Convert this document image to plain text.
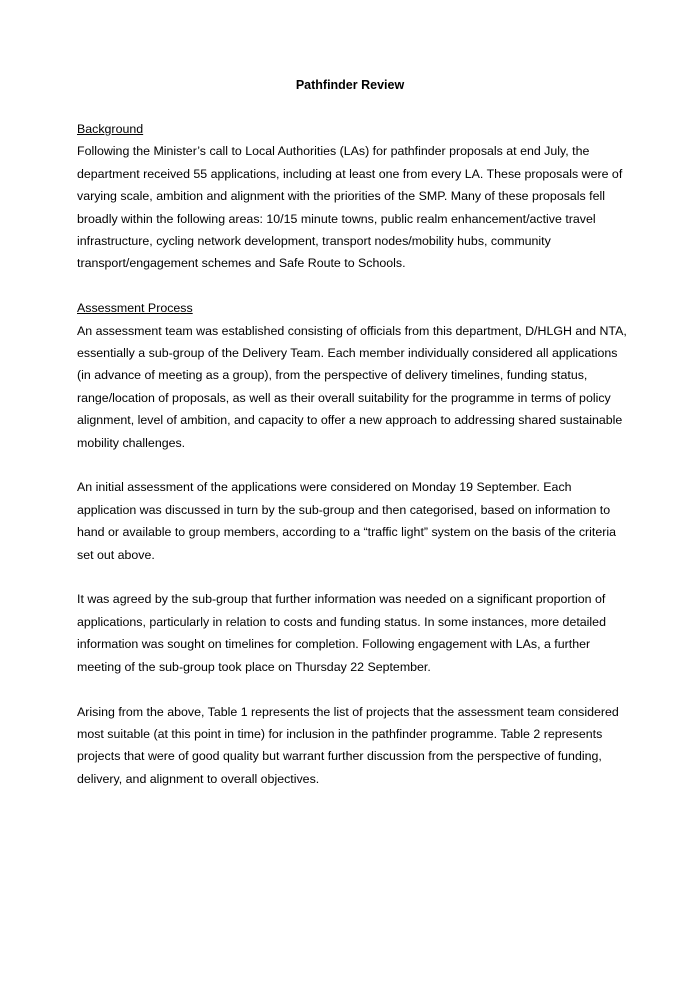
Pathfinder Review
Background

Following the Minister’s call to Local Authorities (LAs) for pathfinder proposals at end July, the department received 55 applications, including at least one from every LA. These proposals were of varying scale, ambition and alignment with the priorities of the SMP. Many of these proposals fell broadly within the following areas: 10/15 minute towns, public realm enhancement/active travel infrastructure, cycling network development, transport nodes/mobility hubs, community transport/engagement schemes and Safe Route to Schools.

Assessment Process

An assessment team was established consisting of officials from this department, D/HLGH and NTA, essentially a sub-group of the Delivery Team. Each member individually considered all applications (in advance of meeting as a group), from the perspective of delivery timelines, funding status, range/location of proposals, as well as their overall suitability for the programme in terms of policy alignment, level of ambition, and capacity to offer a new approach to addressing shared sustainable mobility challenges.

An initial assessment of the applications were considered on Monday 19 September. Each application was discussed in turn by the sub-group and then categorised, based on information to hand or available to group members, according to a “traffic light” system on the basis of the criteria set out above.

It was agreed by the sub-group that further information was needed on a significant proportion of applications, particularly in relation to costs and funding status. In some instances, more detailed information was sought on timelines for completion. Following engagement with LAs, a further meeting of the sub-group took place on Thursday 22 September.

Arising from the above, Table 1 represents the list of projects that the assessment team considered most suitable (at this point in time) for inclusion in the pathfinder programme. Table 2 represents projects that were of good quality but warrant further discussion from the perspective of funding, delivery, and alignment to overall objectives.
